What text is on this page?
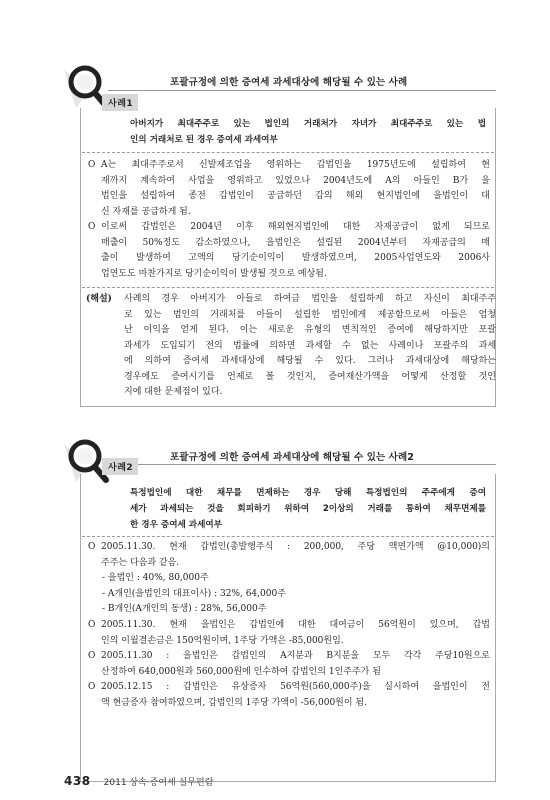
포괄규정에 의한 증여세 과세대상에 해당될 수 있는 사례
사례1
아버지가 최대주주로 있는 법인의 거래처가 자녀가 최대주주로 있는 법
인의 거래처로 된 경우 증여세 과세여부
O A는 최대주주로서 신발제조업을 영위하는 갑법인을 1975년도에 설립하여 현
재까지 계속하여 사업을 영위하고 있었으나 2004년도에 A의 아들인 B가 을
법인을 설립하여 종전 갑법인이 공급하던 갑의 해외 현지법인에 을법인이 대
신 자재를 공급하게 됨.
O 이로써 갑법인은 2004년 이후 해외현지법인에 대한 자재공급이 없게 되므로
매출이 50%정도 감소하였으나, 을법인은 설립된 2004년부터 자재공급의 매
출이 발생하여 고액의 당기순이익이 발생하였으며, 2005사업연도와 2006사
업연도도 마찬가지로 당기순이익이 발생될 것으로 예상됨.
(해설) 사례의 경우 아버지가 아들로 하여금 법인을 설립하게 하고 자신이 최대주주
로 있는 법인의 거래처를 아들이 설립한 법인에게 제공함으로써 아들은 엄청
난 이익을 얻게 된다. 이는 새로운 유형의 변칙적인 증여에 해당하지만 포괄
과세가 도입되기 전의 법률에 의하면 과세할 수 없는 사례이나 포괄주의 과세
에 의하여 증여세 과세대상에 해당될 수 있다. 그러나 과세대상에 해당하는
경우에도 증여시기를 언제로 볼 것인지, 증여재산가액을 어떻게 산정할 것인
지에 대한 문제점이 있다.
포괄규정에 의한 증여세 과세대상에 해당될 수 있는 사례2
사례2
특정법인에 대한 채무를 면제하는 경우 당해 특정법인의 주주에게 증여
세가 과세되는 것을 회피하기 위하여 2이상의 거래를 통하여 채무면제를
한 경우 증여세 과세여부
O 2005.11.30. 현재 갑법인(총발행주식 : 200,000, 주당 액면가액 @10,000)의
주주는 다음과 같음.
- 을법인 : 40%, 80,000주
- A개인(을법인의 대표이사) : 32%, 64,000주
- B개인(A개인의 동생) : 28%, 56,000주
O 2005.11.30. 현재 을법인은 갑법인에 대한 대여금이 56억원이 있으며, 갑법
인의 이월결손금은 150억원이며, 1주당 가액은 -85,000원임.
O 2005.11.30 : 을법인은 갑법인의 A지분과 B지분을 모두 각각 주당10원으로
산정하여 640,000원과 560,000원에 인수하여 갑법인의 1인주주가 됨
O 2005.12.15 : 갑법인은 유상증자 56억원(560,000주)을 실시하여 을법인이 전
액 현금증자 참여하였으며, 갑법인의 1주당 가액이 -56,000원이 됨.
438 2011 상속·증여세 실무편람
